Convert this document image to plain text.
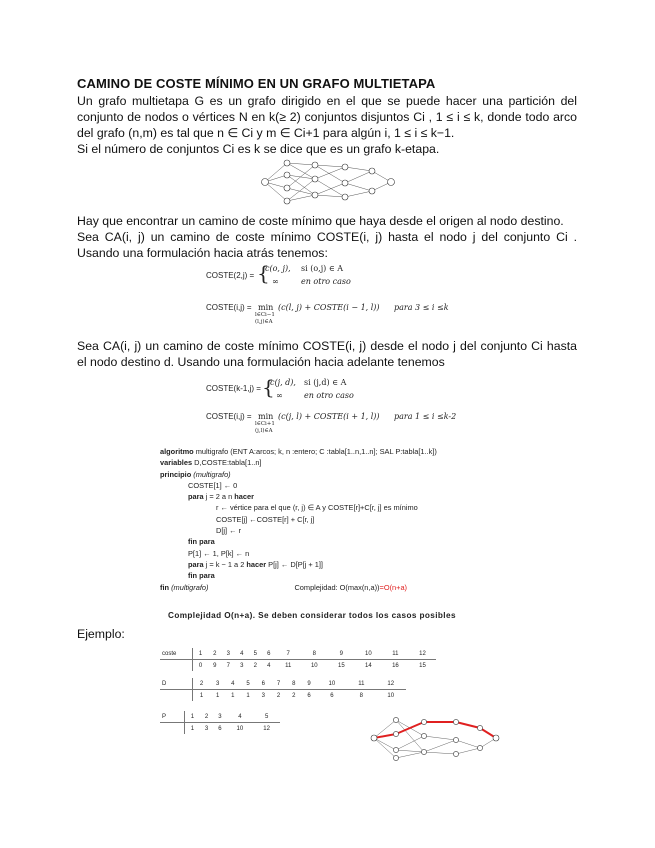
CAMINO DE COSTE MÍNIMO EN UN GRAFO MULTIETAPA

Un grafo multietapa G es un grafo dirigido en el que se puede hacer una partición del conjunto de nodos o vértices N en k(≥ 2) conjuntos disjuntos Ci , 1 ≤ i ≤ k, donde todo arco del grafo (n,m) es tal que n ∈ Ci y m ∈ Ci+1 para algún i, 1 ≤ i ≤ k−1.

Si el número de conjuntos Ci es k se dice que es un grafo k-etapa.

Hay que encontrar un camino de coste mínimo que haya desde el origen al nodo destino.

Sea CA(i, j) un camino de coste mínimo COSTE(i, j) hasta el nodo j del conjunto Ci . Usando una formulación hacia atrás tenemos:

COSTE(2,j) = {
c(o, j), si (o,j) ∈ A
∞	en otro caso
COSTE(i,j) = min
l∈Ci−1
(l,j)∈A
(c(l, j) + COSTE(i − 1, l)) para 3 ≤ i ≤k

Sea CA(i, j) un camino de coste mínimo COSTE(i, j) desde el nodo j del conjunto Ci hasta el nodo destino d. Usando una formulación hacia adelante tenemos

COSTE(k-1,j) = {
c(j, d), si (j,d) ∈ A
∞	en otro caso
COSTE(i,j) = min
l∈Ci+1
(j,l)∈A
(c(j, l) + COSTE(i + 1, l)) para 1 ≤ i ≤k-2
algoritmo multigrafo (ENT A:arcos; k, n :entero; C :tabla[1..n,1..n]; SAL P:tabla[1..k])
variables D,COSTE:tabla[1..n]
principio (multigrafo)
COSTE[1] ← 0
para j = 2 a n hacer
r ← vértice para el que (r, j) ∈ A y COSTE[r]+C[r, j] es mínimo
COSTE[j] ←COSTE[r] + C[r, j]
D[j] ← r
fin para
P[1] ← 1, P[k] ← n
para j = k − 1 a 2 hacer P[j] ← D[P[j + 1]]
fin para
fin (multigrafo)	Complejidad: O(max(n,a))=O(n+a)
Complejidad O(n+a). Se deben considerar todos los casos posibles
Ejemplo:
coste	1	2	3	4	5	6	7	8	9	10	11	12
	0	9	7	3	2	4	11	10	15	14	16	15
D	2	3	4	5	6	7	8	9	10	11	12
	1	1	1	1	3	2	2	6	6	8	10
P	1	2	3	4	5
	1	3	6	10	12
